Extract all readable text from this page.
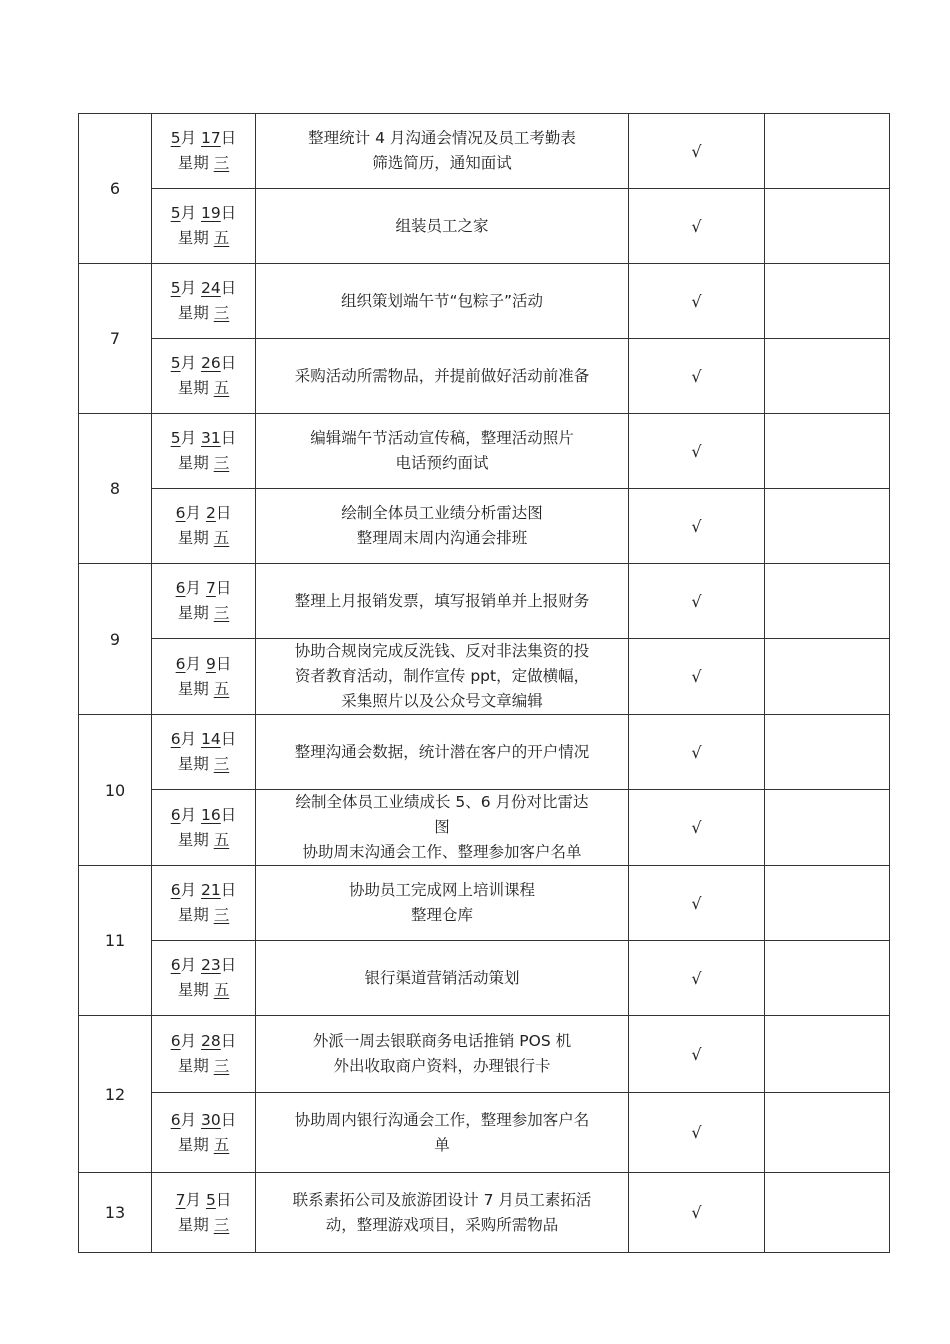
6	5月 17日
星期 三	整理统计 4 月沟通会情况及员工考勤表
筛选简历，通知面试	√	

	5月 19日
星期 五	组装员工之家	√	
7	5月 24日
星期 三	组织策划端午节“包粽子”活动	√	

	5月 26日
星期 五	采购活动所需物品，并提前做好活动前准备	√	
8	5月 31日
星期 三	编辑端午节活动宣传稿，整理活动照片
电话预约面试	√	

	6月 2日
星期 五	绘制全体员工业绩分析雷达图
整理周末周内沟通会排班	√	
9	6月 7日
星期 三	整理上月报销发票，填写报销单并上报财务	√	

	6月 9日
星期 五	协助合规岗完成反洗钱、反对非法集资的投
资者教育活动，制作宣传 ppt，定做横幅，
采集照片以及公众号文章编辑	√	
10	6月 14日
星期 三	整理沟通会数据，统计潜在客户的开户情况	√	

	6月 16日
星期 五	绘制全体员工业绩成长 5、6 月份对比雷达
图
协助周末沟通会工作、整理参加客户名单	√	
11	6月 21日
星期 三	协助员工完成网上培训课程
整理仓库	√	

	6月 23日
星期 五	银行渠道营销活动策划	√	
12	6月 28日
星期 三	外派一周去银联商务电话推销 POS 机
外出收取商户资料，办理银行卡	√	

	6月 30日
星期 五	协助周内银行沟通会工作，整理参加客户名
单	√	
13	7月 5日
星期 三	联系素拓公司及旅游团设计 7 月员工素拓活
动，整理游戏项目，采购所需物品	√	
